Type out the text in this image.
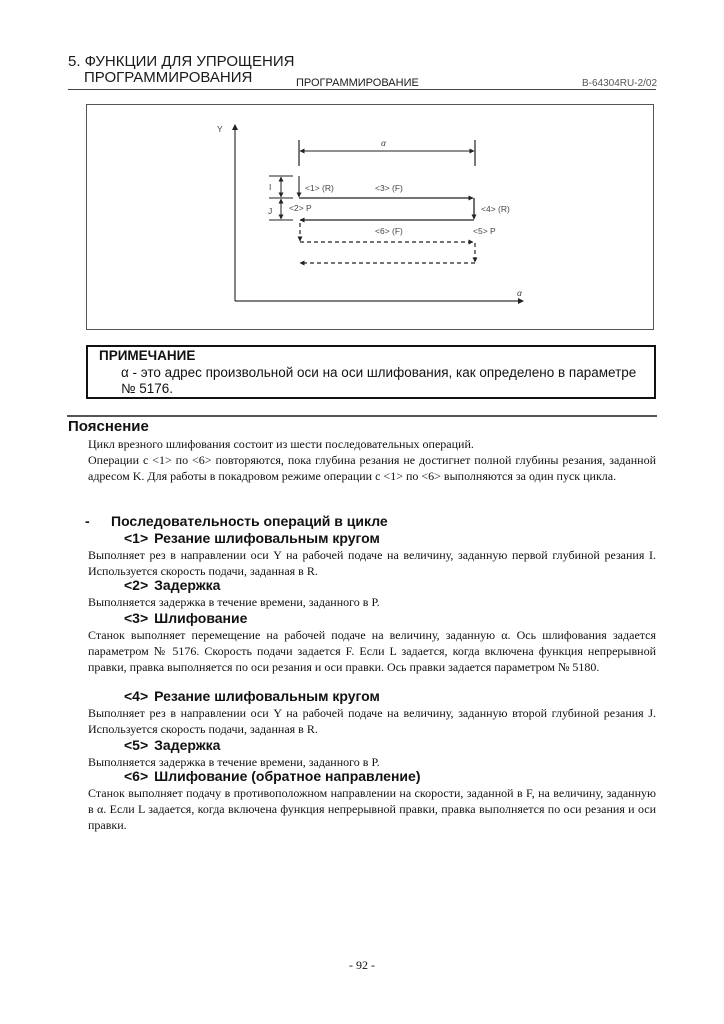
5. ФУНКЦИИ ДЛЯ УПРОЩЕНИЯ
ПРОГРАММИРОВАНИЯ	ПРОГРАММИРОВАНИЕ	B-64304RU-2/02
Y
α
α
I
J
<1> (R)	<3> (F)
<2> P	<4> (R)
<6> (F)	<5> P
ПРИМЕЧАНИЕ
α - это адрес произвольной оси на оси шлифования, как определено в параметре № 5176.
Пояснение
Цикл врезного шлифования состоит из шести последовательных операций.
Операции с <1> по <6> повторяются, пока глубина резания не достигнет полной глубины резания, заданной адресом K. Для работы в покадровом режиме операции с <1> по <6> выполняются за один пуск цикла.
- Последовательность операций в цикле
<1> Резание шлифовальным кругом
Выполняет рез в направлении оси Y на рабочей подаче на величину, заданную первой глубиной резания I. Используется скорость подачи, заданная в R.
<2> Задержка
Выполняется задержка в течение времени, заданного в P.
<3> Шлифование
Станок выполняет перемещение на рабочей подаче на величину, заданную α. Ось шлифования задается параметром № 5176. Скорость подачи задается F. Если L задается, когда включена функция непрерывной правки, правка выполняется по оси резания и оси правки. Ось правки задается параметром № 5180.
<4> Резание шлифовальным кругом
Выполняет рез в направлении оси Y на рабочей подаче на величину, заданную второй глубиной резания J. Используется скорость подачи, заданная в R.
<5> Задержка
Выполняется задержка в течение времени, заданного в P.
<6> Шлифование (обратное направление)
Станок выполняет подачу в противоположном направлении на скорости, заданной в F, на величину, заданную в α. Если L задается, когда включена функция непрерывной правки, правка выполняется по оси резания и оси правки.
- 92 -
